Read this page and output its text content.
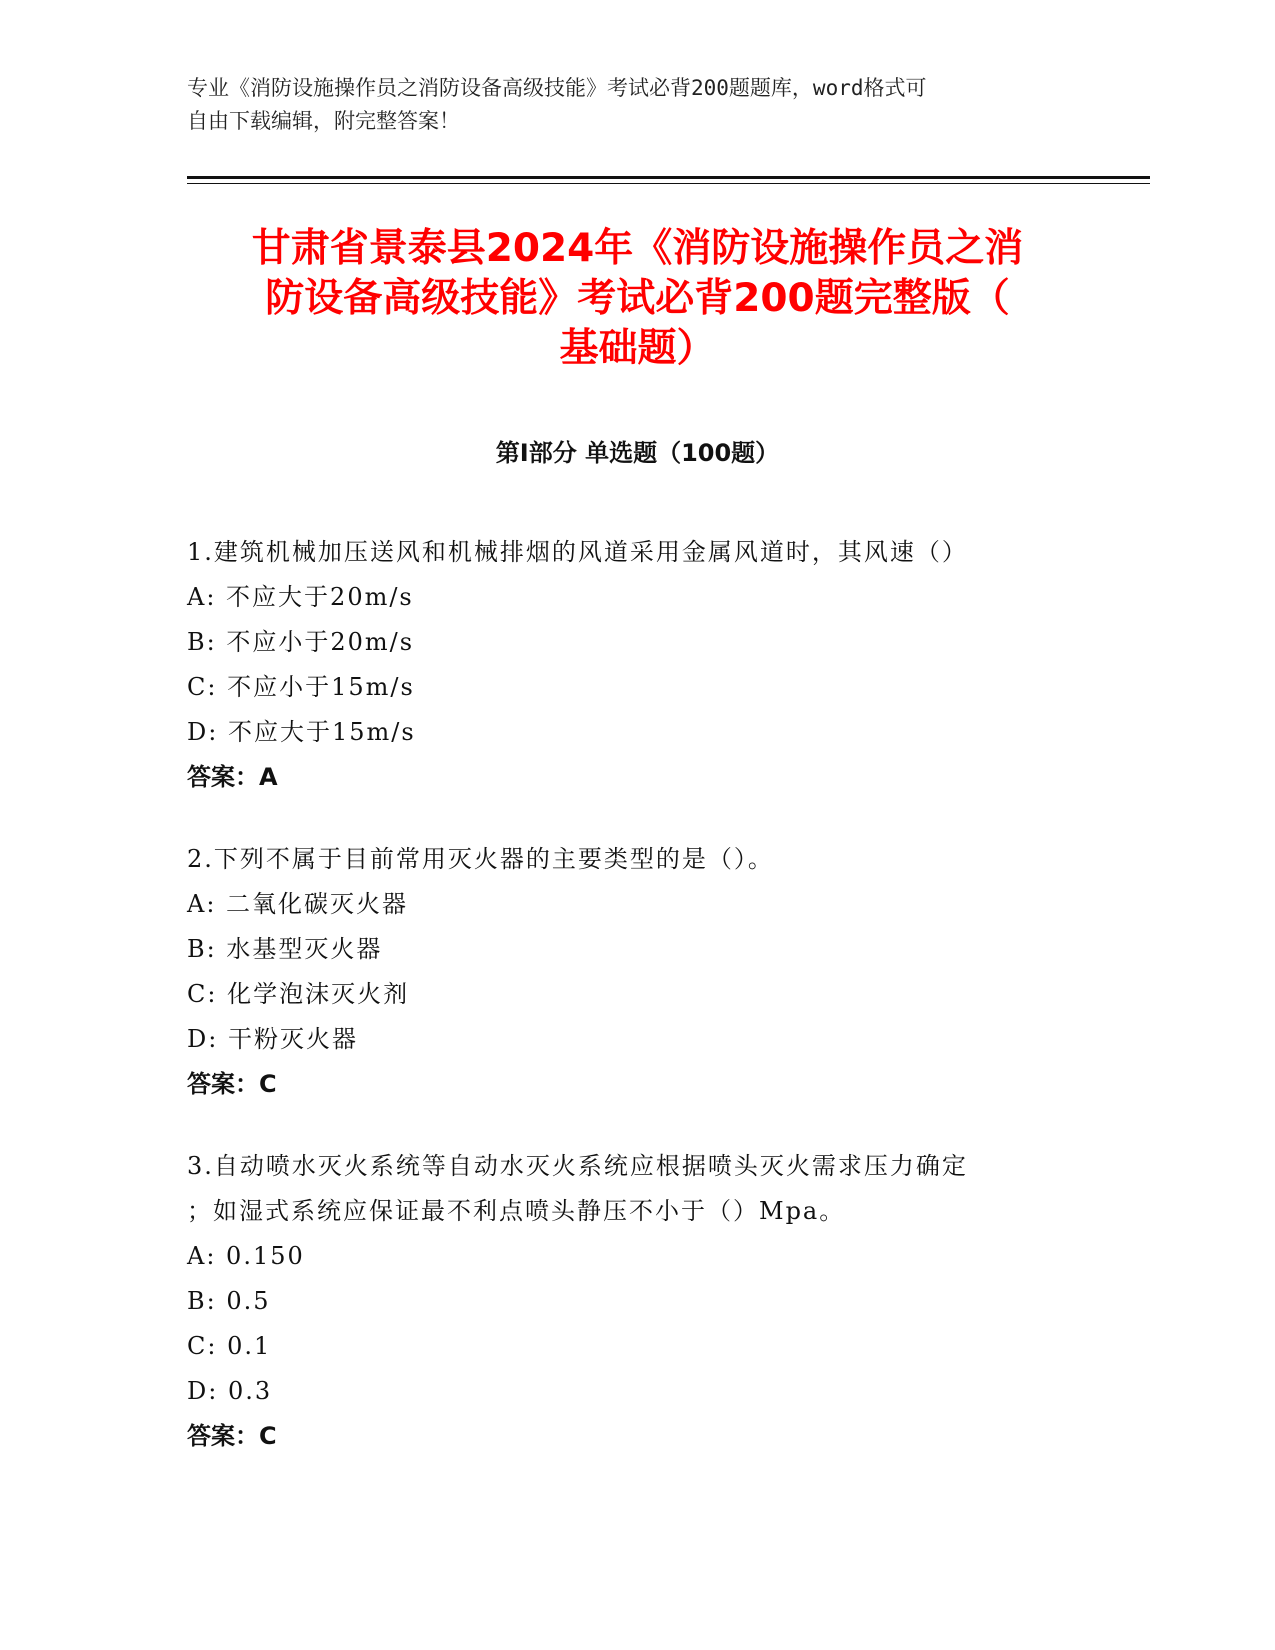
专业《消防设施操作员之消防设备高级技能》考试必背200题题库，word格式可
自由下载编辑，附完整答案！
甘肃省景泰县2024年《消防设施操作员之消
防设备高级技能》考试必背200题完整版（
基础题）
第I部分 单选题（100题）
1.建筑机械加压送风和机械排烟的风道采用金属风道时，其风速（）
A: 不应大于20m/s
B: 不应小于20m/s
C: 不应小于15m/s
D: 不应大于15m/s
答案：A
2.下列不属于目前常用灭火器的主要类型的是（）。
A: 二氧化碳灭火器
B: 水基型灭火器
C: 化学泡沫灭火剂
D: 干粉灭火器
答案：C
3.自动喷水灭火系统等自动水灭火系统应根据喷头灭火需求压力确定
；如湿式系统应保证最不利点喷头静压不小于（）Mpa。
A: 0.150
B: 0.5
C: 0.1
D: 0.3
答案：C
